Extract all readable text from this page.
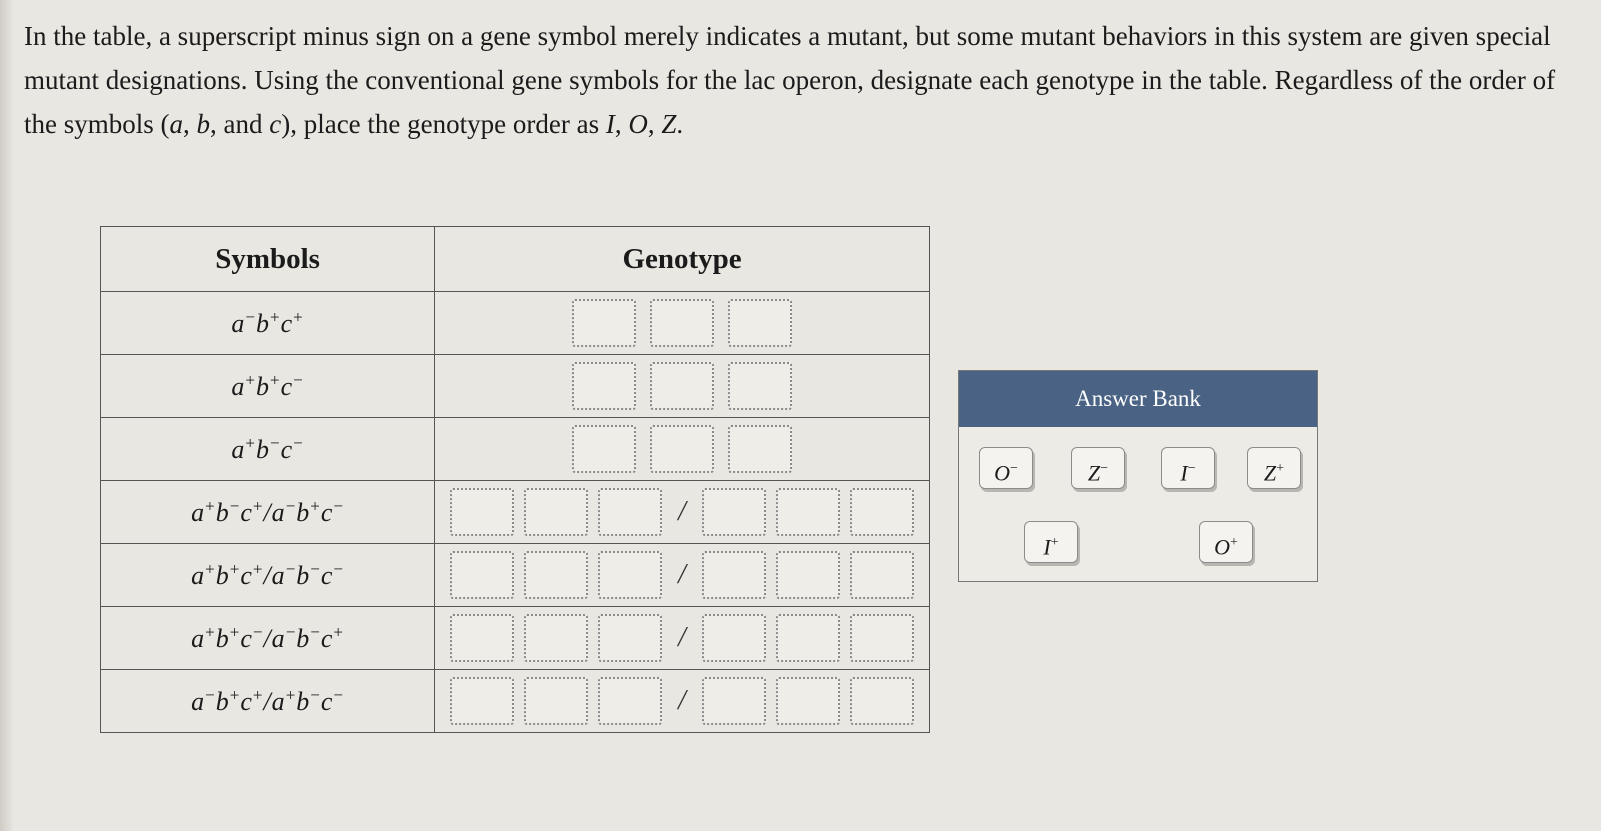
In the table, a superscript minus sign on a gene symbol merely indicates a mutant, but some mutant behaviors in this system are given special mutant designations. Using the conventional gene symbols for the lac operon, designate each genotype in the table. Regardless of the order of the symbols (a, b, and c), place the genotype order as I, O, Z.

Symbols	Genotype
a−b+c+	

a+b+c−	

a+b−c−	

a+b−c+/a−b+c−	/

a+b+c+/a−b−c−	/

a+b+c−/a−b−c+	/

a−b+c+/a+b−c−	/
Answer Bank
O−	Z−	I−	Z+
I+	O+
